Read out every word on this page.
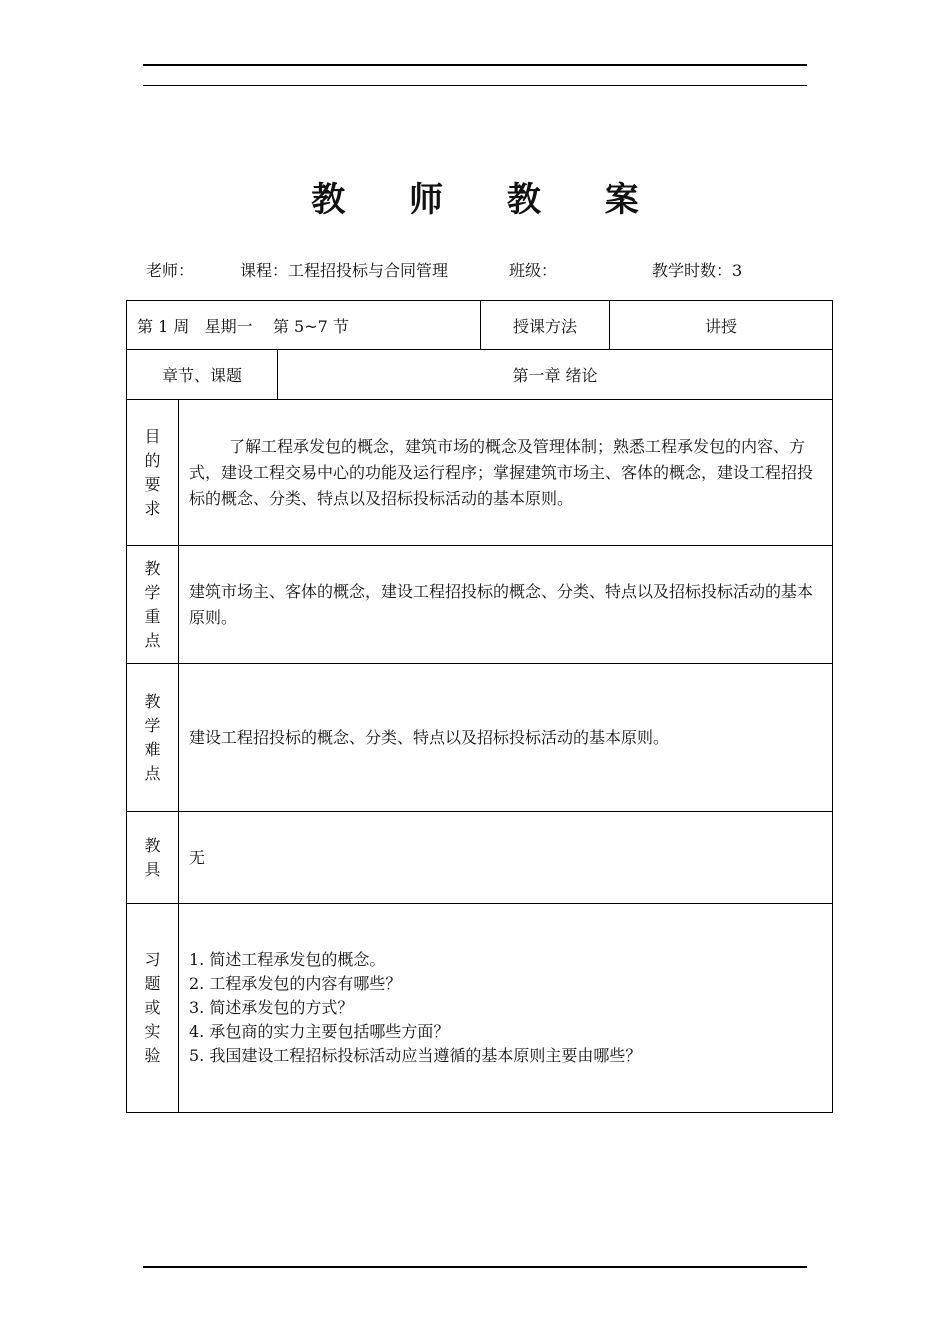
教 师 教 案
老师：	课程：工程招投标与合同管理	班级：	教学时数：3
第 1 周   星期一    第 5~7 节			授课方法	讲授
章节、课题		第一章 绪论		

目
的
要
求	了解工程承发包的概念，建筑市场的概念及管理体制；熟悉工程承发包的内容、方式，建设工程交易中心的功能及运行程序；掌握建筑市场主、客体的概念，建设工程招投标的概念、分类、特点以及招标投标活动的基本原则。			

教
学
重
点	建筑市场主、客体的概念，建设工程招投标的概念、分类、特点以及招标投标活动的基本原则。			

教
学
难
点	建设工程招投标的概念、分类、特点以及招标投标活动的基本原则。			

教
具	无			

习
题
或
实
验	1. 简述工程承发包的概念。
2. 工程承发包的内容有哪些？
3. 简述承发包的方式？
4. 承包商的实力主要包括哪些方面？
5. 我国建设工程招标投标活动应当遵循的基本原则主要由哪些？			
